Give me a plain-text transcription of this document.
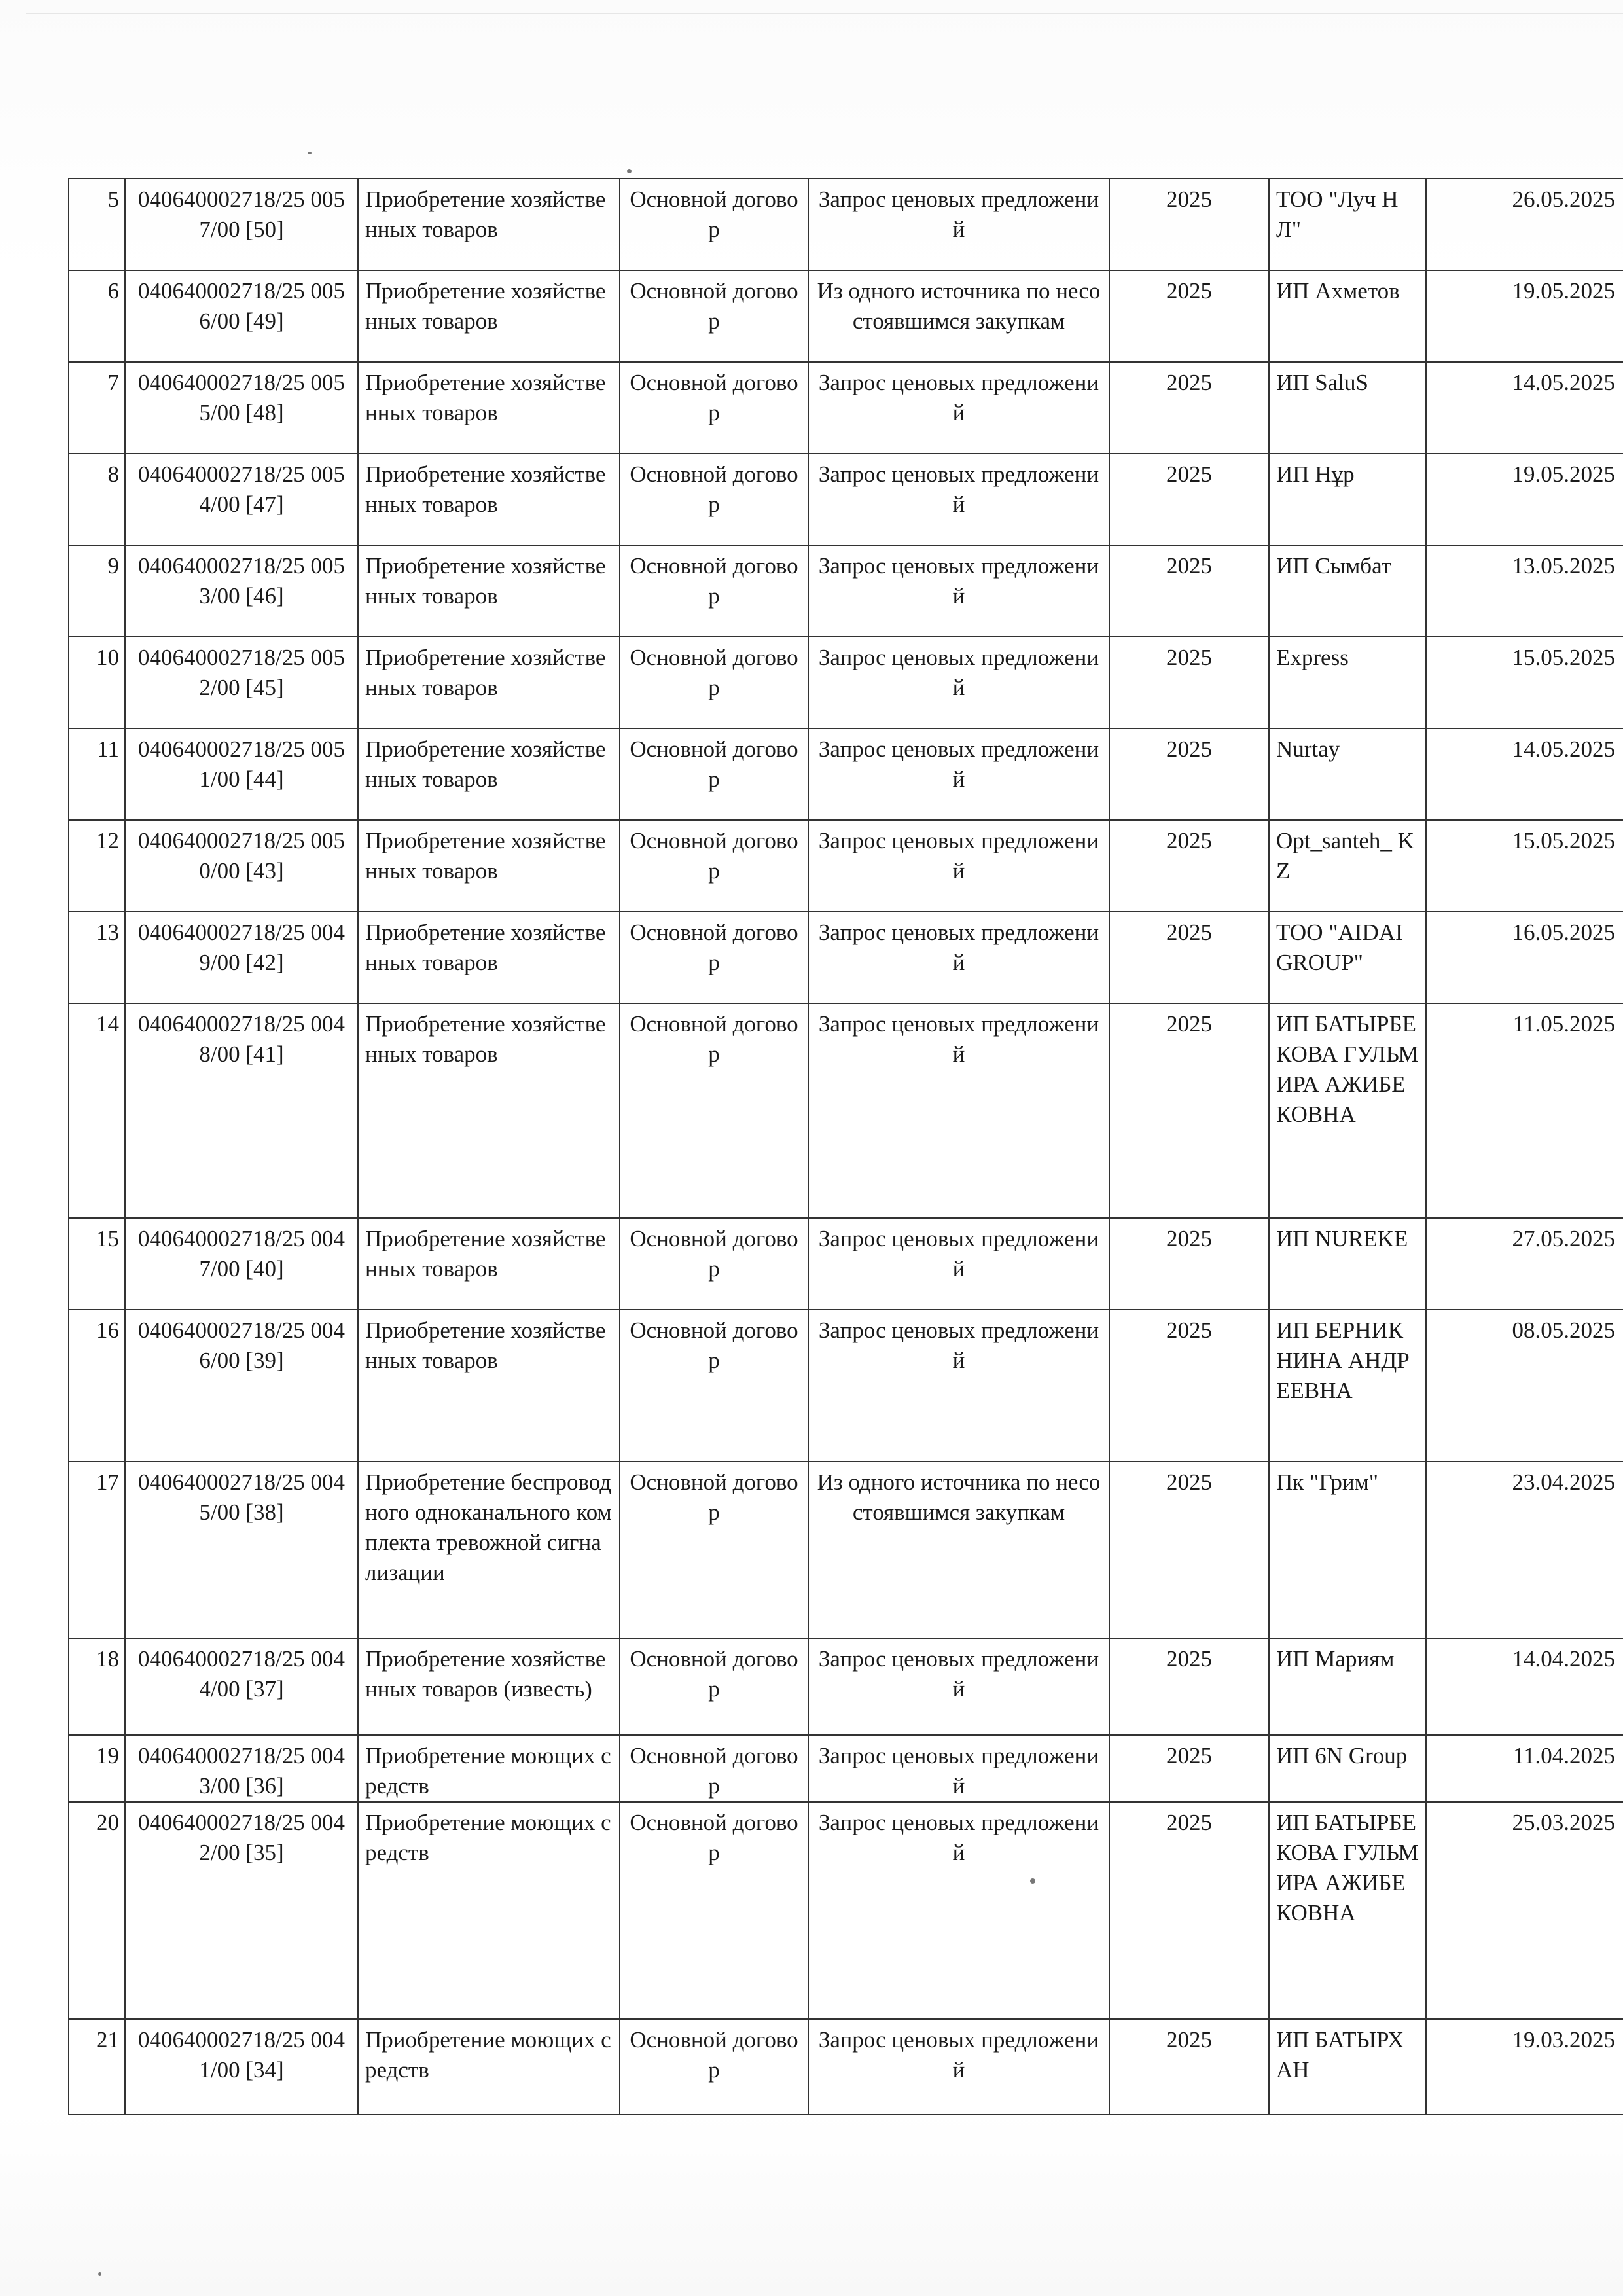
5	040640002718/25 0057/00 [50]	Приобретение хозяйственных товаров	Основной договор	Запрос ценовых предложений	2025	ТОО "Луч НЛ"	26.05.2025
6	040640002718/25 0056/00 [49]	Приобретение хозяйственных товаров	Основной договор	Из одного источника по несостоявшимся закупкам	2025	ИП Ахметов	19.05.2025
7	040640002718/25 0055/00 [48]	Приобретение хозяйственных товаров	Основной договор	Запрос ценовых предложений	2025	ИП SaluS	14.05.2025
8	040640002718/25 0054/00 [47]	Приобретение хозяйственных товаров	Основной договор	Запрос ценовых предложений	2025	ИП Нұр	19.05.2025
9	040640002718/25 0053/00 [46]	Приобретение хозяйственных товаров	Основной договор	Запрос ценовых предложений	2025	ИП Сымбат	13.05.2025
10	040640002718/25 0052/00 [45]	Приобретение хозяйственных товаров	Основной договор	Запрос ценовых предложений	2025	Express	15.05.2025
11	040640002718/25 0051/00 [44]	Приобретение хозяйственных товаров	Основной договор	Запрос ценовых предложений	2025	Nurtay	14.05.2025
12	040640002718/25 0050/00 [43]	Приобретение хозяйственных товаров	Основной договор	Запрос ценовых предложений	2025	Opt_santeh_ KZ	15.05.2025
13	040640002718/25 0049/00 [42]	Приобретение хозяйственных товаров	Основной договор	Запрос ценовых предложений	2025	ТОО "AIDAI GROUP"	16.05.2025
14	040640002718/25 0048/00 [41]	Приобретение хозяйственных товаров	Основной договор	Запрос ценовых предложений	2025	ИП БАТЫРБЕКОВА ГУЛЬМИРА АЖИБЕКОВНА	11.05.2025
15	040640002718/25 0047/00 [40]	Приобретение хозяйственных товаров	Основной договор	Запрос ценовых предложений	2025	ИП NUREKE	27.05.2025
16	040640002718/25 0046/00 [39]	Приобретение хозяйственных товаров	Основной договор	Запрос ценовых предложений	2025	ИП БЕРНИКНИНА АНДРЕЕВНА	08.05.2025
17	040640002718/25 0045/00 [38]	Приобретение беспроводного одноканального комплекта тревожной сигнализации	Основной договор	Из одного источника по несостоявшимся закупкам	2025	Пк "Грим"	23.04.2025
18	040640002718/25 0044/00 [37]	Приобретение хозяйственных товаров (известь)	Основной договор	Запрос ценовых предложений	2025	ИП Мариям	14.04.2025
19	040640002718/25 0043/00 [36]	Приобретение моющих средств	Основной договор	Запрос ценовых предложений	2025	ИП 6N Group	11.04.2025
20	040640002718/25 0042/00 [35]	Приобретение моющих средств	Основной договор	Запрос ценовых предложений	2025	ИП БАТЫРБЕКОВА ГУЛЬМИРА АЖИБЕКОВНА	25.03.2025
21	040640002718/25 0041/00 [34]	Приобретение моющих средств	Основной договор	Запрос ценовых предложений	2025	ИП БАТЫРХАН	19.03.2025
